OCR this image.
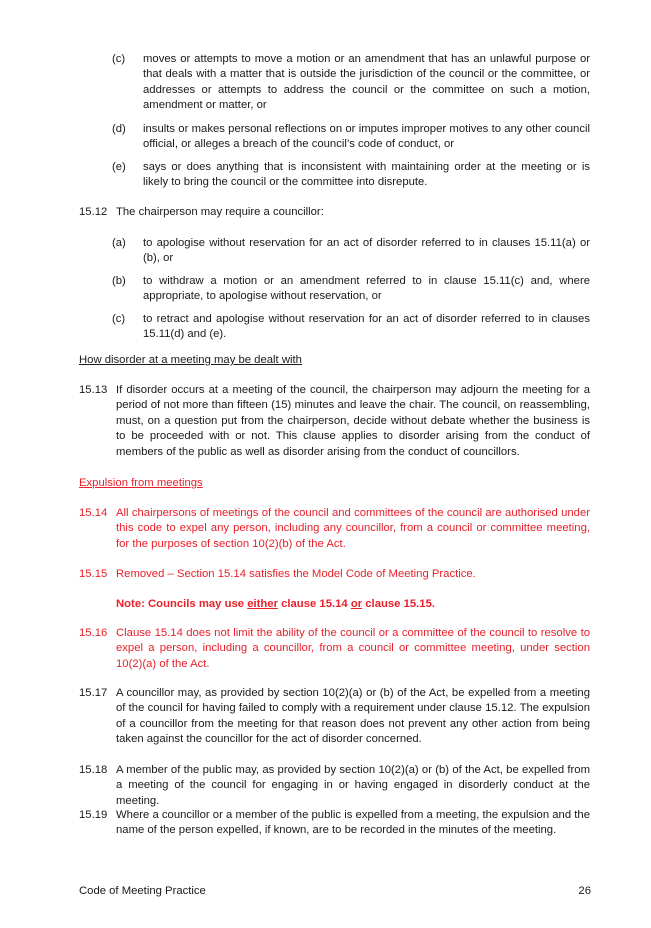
(c) moves or attempts to move a motion or an amendment that has an unlawful purpose or that deals with a matter that is outside the jurisdiction of the council or the committee, or addresses or attempts to address the council or the committee on such a motion, amendment or matter, or
(d) insults or makes personal reflections on or imputes improper motives to any other council official, or alleges a breach of the council’s code of conduct, or
(e) says or does anything that is inconsistent with maintaining order at the meeting or is likely to bring the council or the committee into disrepute.
15.12 The chairperson may require a councillor:
(a) to apologise without reservation for an act of disorder referred to in clauses 15.11(a) or (b), or
(b) to withdraw a motion or an amendment referred to in clause 15.11(c) and, where appropriate, to apologise without reservation, or
(c) to retract and apologise without reservation for an act of disorder referred to in clauses 15.11(d) and (e).
How disorder at a meeting may be dealt with
15.13 If disorder occurs at a meeting of the council, the chairperson may adjourn the meeting for a period of not more than fifteen (15) minutes and leave the chair. The council, on reassembling, must, on a question put from the chairperson, decide without debate whether the business is to be proceeded with or not. This clause applies to disorder arising from the conduct of members of the public as well as disorder arising from the conduct of councillors.
Expulsion from meetings
15.14 All chairpersons of meetings of the council and committees of the council are authorised under this code to expel any person, including any councillor, from a council or committee meeting, for the purposes of section 10(2)(b) of the Act.
15.15 Removed – Section 15.14 satisfies the Model Code of Meeting Practice.
Note: Councils may use either clause 15.14 or clause 15.15.
15.16 Clause 15.14 does not limit the ability of the council or a committee of the council to resolve to expel a person, including a councillor, from a council or committee meeting, under section 10(2)(a) of the Act.
15.17 A councillor may, as provided by section 10(2)(a) or (b) of the Act, be expelled from a meeting of the council for having failed to comply with a requirement under clause 15.12. The expulsion of a councillor from the meeting for that reason does not prevent any other action from being taken against the councillor for the act of disorder concerned.
15.18 A member of the public may, as provided by section 10(2)(a) or (b) of the Act, be expelled from a meeting of the council for engaging in or having engaged in disorderly conduct at the meeting.
15.19 Where a councillor or a member of the public is expelled from a meeting, the expulsion and the name of the person expelled, if known, are to be recorded in the minutes of the meeting.
Code of Meeting Practice	26
